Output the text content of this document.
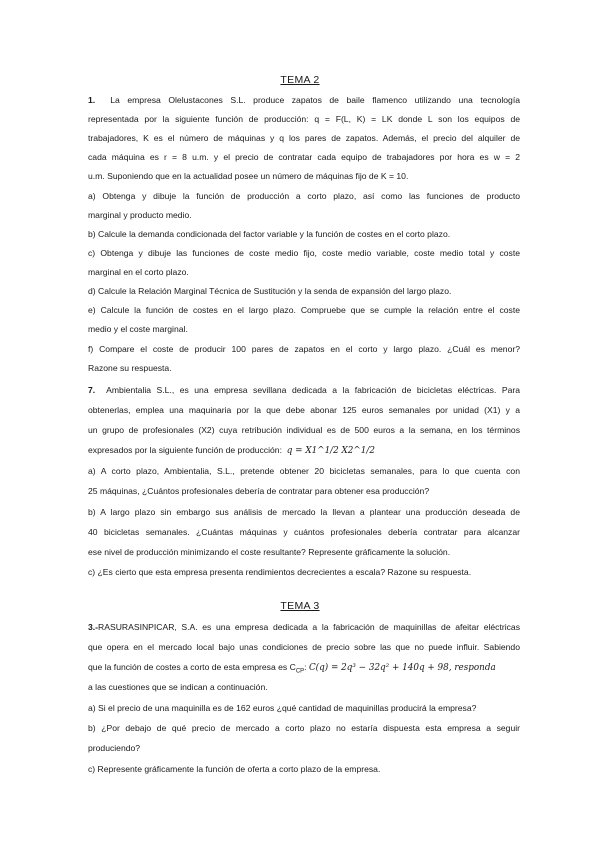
TEMA 2
1. La empresa Olelustacones S.L. produce zapatos de baile flamenco utilizando una tecnología
representada por la siguiente función de producción: q = F(L, K) = LK donde L son los equipos de
trabajadores, K es el número de máquinas y q los pares de zapatos. Además, el precio del alquiler de
cada máquina es r = 8 u.m. y el precio de contratar cada equipo de trabajadores por hora es w = 2
u.m. Suponiendo que en la actualidad posee un número de máquinas fijo de K = 10.
a) Obtenga y dibuje la función de producción a corto plazo, así como las funciones de producto
marginal y producto medio.
b) Calcule la demanda condicionada del factor variable y la función de costes en el corto plazo.
c) Obtenga y dibuje las funciones de coste medio fijo, coste medio variable, coste medio total y coste
marginal en el corto plazo.
d) Calcule la Relación Marginal Técnica de Sustitución y la senda de expansión del largo plazo.
e) Calcule la función de costes en el largo plazo. Compruebe que se cumple la relación entre el coste
medio y el coste marginal.
f) Compare el coste de producir 100 pares de zapatos en el corto y largo plazo. ¿Cuál es menor?
Razone su respuesta.
7. Ambientalia S.L., es una empresa sevillana dedicada a la fabricación de bicicletas eléctricas. Para
obtenerlas, emplea una maquinaria por la que debe abonar 125 euros semanales por unidad (X1) y a
un grupo de profesionales (X2) cuya retribución individual es de 500 euros a la semana, en los términos
expresados por la siguiente función de producción: q = X1^1/2 X2^1/2
a) A corto plazo, Ambientalia, S.L., pretende obtener 20 bicicletas semanales, para lo que cuenta con
25 máquinas, ¿Cuántos profesionales debería de contratar para obtener esa producción?
b) A largo plazo sin embargo sus análisis de mercado la llevan a plantear una producción deseada de
40 bicicletas semanales. ¿Cuántas máquinas y cuántos profesionales debería contratar para alcanzar
ese nivel de producción minimizando el coste resultante? Represente gráficamente la solución.
c) ¿Es cierto que esta empresa presenta rendimientos decrecientes a escala? Razone su respuesta.
TEMA 3
3.-RASURASINPICAR, S.A. es una empresa dedicada a la fabricación de maquinillas de afeitar eléctricas
que opera en el mercado local bajo unas condiciones de precio sobre las que no puede influir. Sabiendo
que la función de costes a corto de esta empresa es $C_{CP}$: C(q) = 2q³ − 32q² + 140q + 98, responda
a las cuestiones que se indican a continuación.
a) Si el precio de una maquinilla es de 162 euros ¿qué cantidad de maquinillas producirá la empresa?
b) ¿Por debajo de qué precio de mercado a corto plazo no estaría dispuesta esta empresa a seguir
produciendo?
c) Represente gráficamente la función de oferta a corto plazo de la empresa.
